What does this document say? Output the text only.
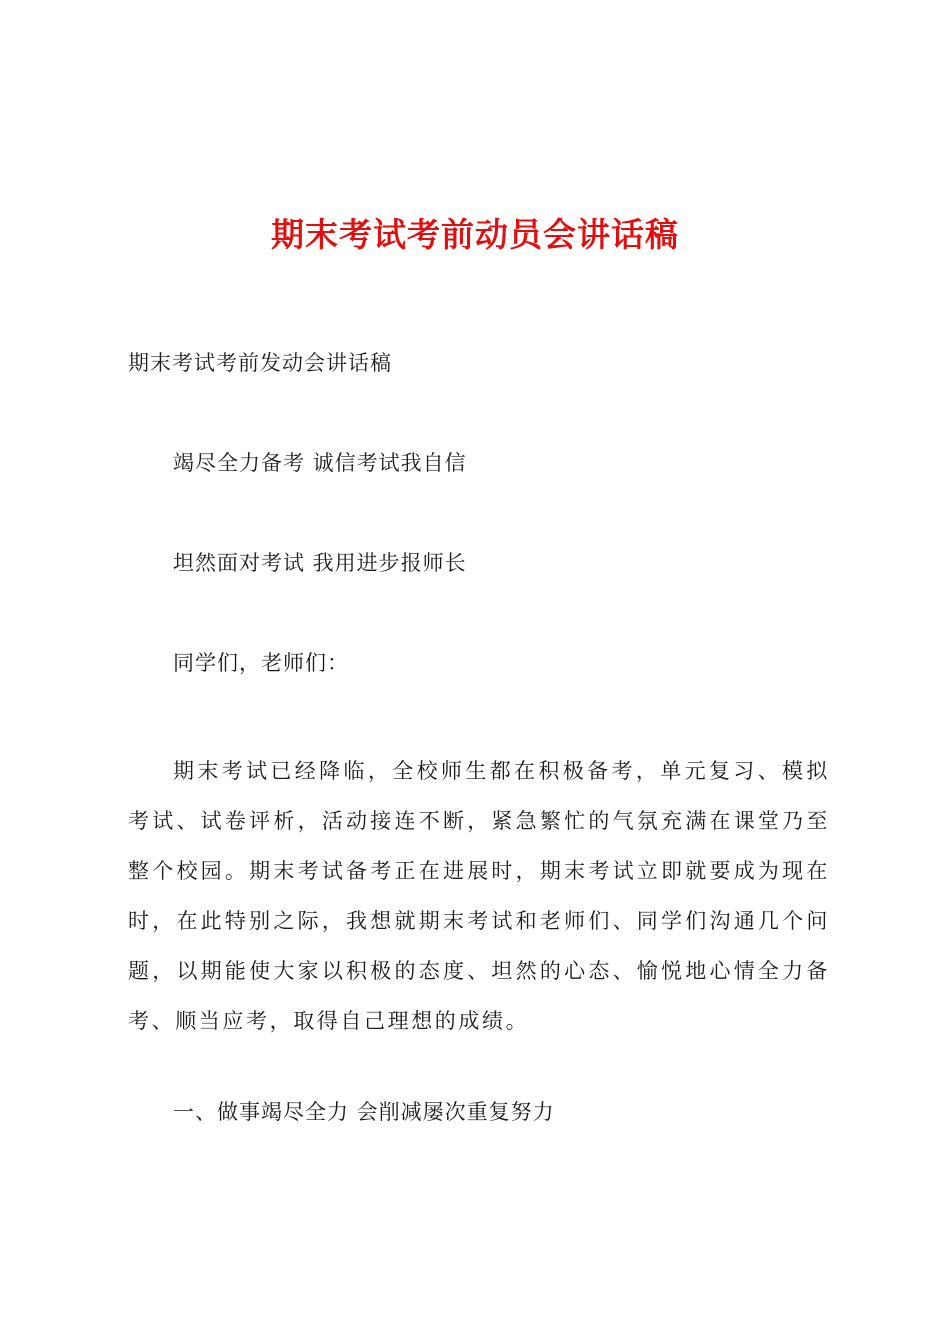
期末考试考前动员会讲话稿
期末考试考前发动会讲话稿
竭尽全力备考 诚信考试我自信
坦然面对考试 我用进步报师长
同学们，老师们：
期末考试已经降临，全校师生都在积极备考，单元复习、模拟考试、试卷评析，活动接连不断，紧急繁忙的气氛充满在课堂乃至整个校园。期末考试备考正在进展时，期末考试立即就要成为现在时，在此特别之际，我想就期末考试和老师们、同学们沟通几个问题，以期能使大家以积极的态度、坦然的心态、愉悦地心情全力备考、顺当应考，取得自己理想的成绩。
一、做事竭尽全力 会削减屡次重复努力
